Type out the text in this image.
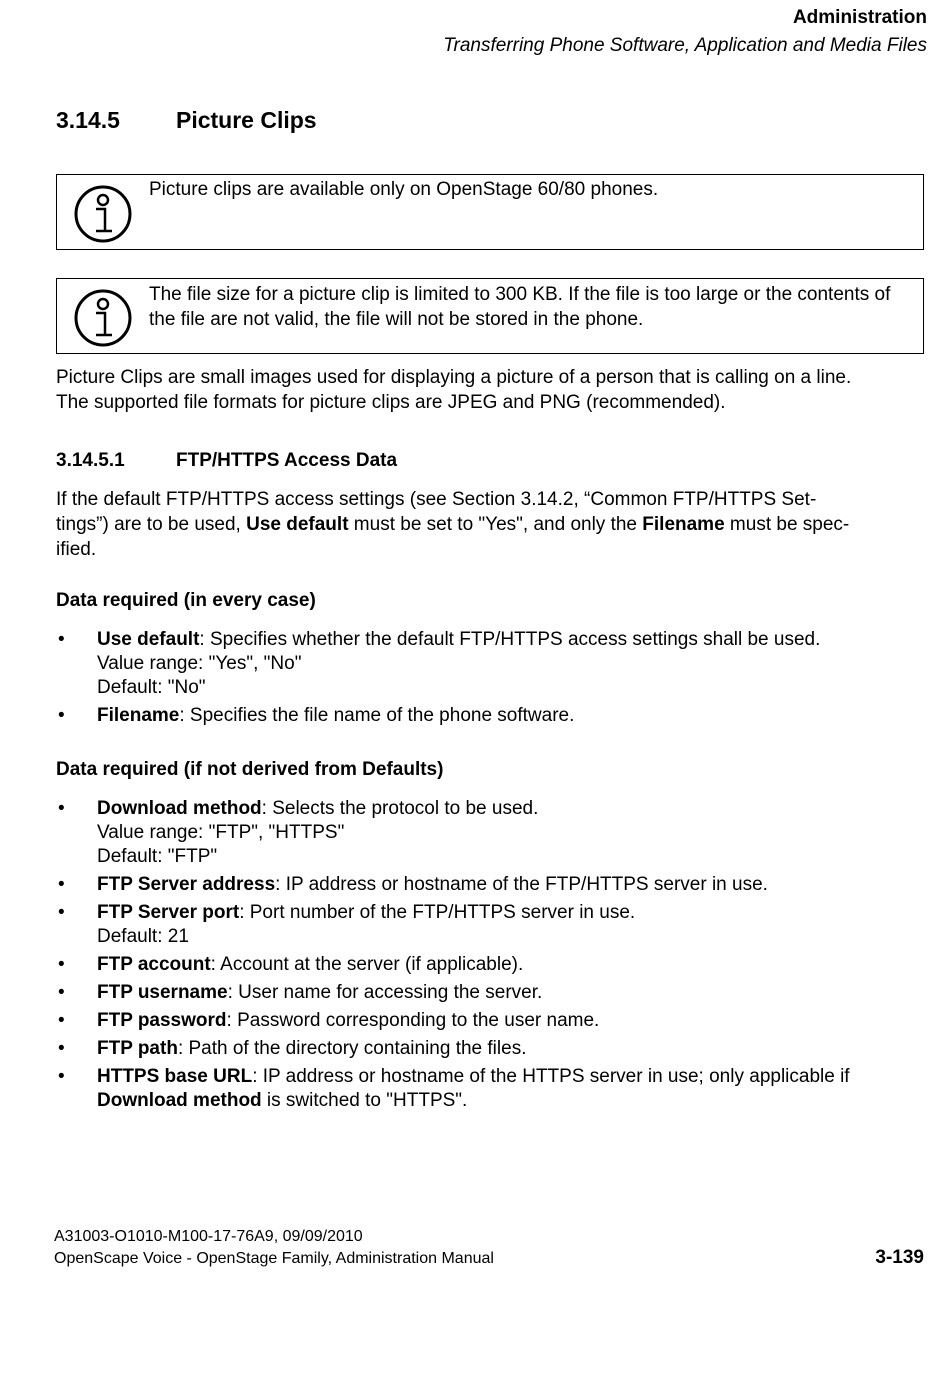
Administration
Transferring Phone Software, Application and Media Files
3.14.5 Picture Clips
Picture clips are available only on OpenStage 60/80 phones.
The file size for a picture clip is limited to 300 KB. If the file is too large or the contents of the file are not valid, the file will not be stored in the phone.
Picture Clips are small images used for displaying a picture of a person that is calling on a line.
The supported file formats for picture clips are JPEG and PNG (recommended).
3.14.5.1	FTP/HTTPS Access Data
If the default FTP/HTTPS access settings (see Section 3.14.2, “Common FTP/HTTPS Set-
tings”) are to be used, Use default must be set to "Yes", and only the Filename must be spec-
ified.
Data required (in every case)
• Use default: Specifies whether the default FTP/HTTPS access settings shall be used.
Value range: "Yes", "No"
Default: "No"
• Filename: Specifies the file name of the phone software.
Data required (if not derived from Defaults)
• Download method: Selects the protocol to be used.
Value range: "FTP", "HTTPS"
Default: "FTP"
• FTP Server address: IP address or hostname of the FTP/HTTPS server in use.
• FTP Server port: Port number of the FTP/HTTPS server in use.
Default: 21
• FTP account: Account at the server (if applicable).
• FTP username: User name for accessing the server.
• FTP password: Password corresponding to the user name.
• FTP path: Path of the directory containing the files.
• HTTPS base URL: IP address or hostname of the HTTPS server in use; only applicable if
Download method is switched to "HTTPS".
A31003-O1010-M100-17-76A9, 09/09/2010
OpenScape Voice - OpenStage Family, Administration Manual	3-139
